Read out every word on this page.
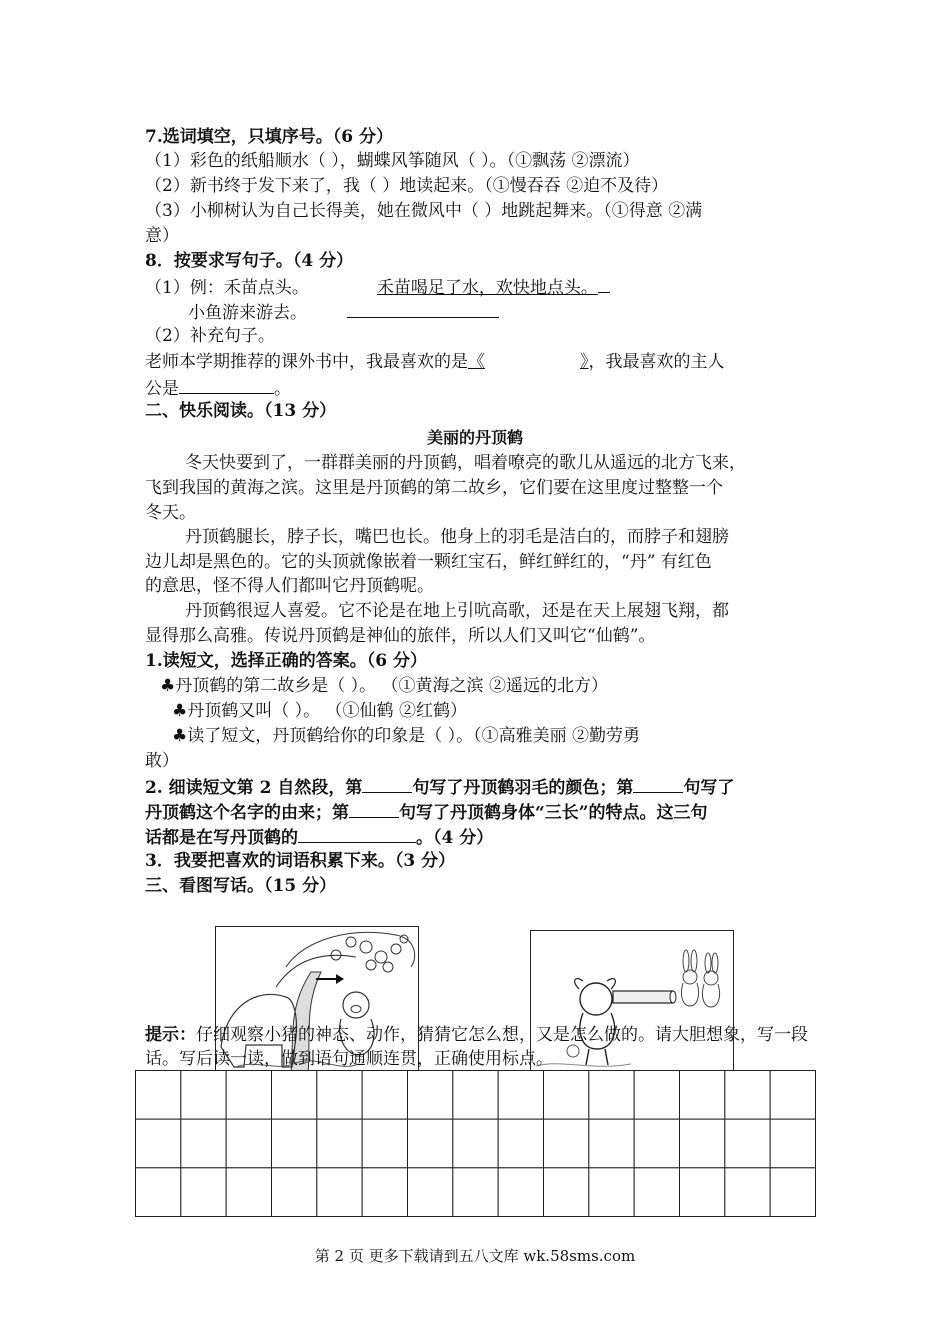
7.选词填空，只填序号。（6 分）
（1）彩色的纸船顺水（ ），蝴蝶风筝随风（ ）。（①飘荡 ②漂流）
（2）新书终于发下来了，我（ ）地读起来。（①慢吞吞 ②迫不及待）
（3）小柳树认为自己长得美，她在微风中（ ）地跳起舞来。（①得意 ②满
意）
8．按要求写句子。（4 分）
（1）例：禾苗点头。	禾苗喝足了水，欢快地点头。
小鱼游来游去。
（2）补充句子。
老师本学期推荐的课外书中，我最喜欢的是《	》，我最喜欢的主人
公是	。
二、快乐阅读。（13 分）
美丽的丹顶鹤
冬天快要到了，一群群美丽的丹顶鹤，唱着嘹亮的歌儿从遥远的北方飞来，
飞到我国的黄海之滨。这里是丹顶鹤的第二故乡，它们要在这里度过整整一个
冬天。
丹顶鹤腿长，脖子长，嘴巴也长。他身上的羽毛是洁白的，而脖子和翅膀
边儿却是黑色的。它的头顶就像嵌着一颗红宝石，鲜红鲜红的，“丹” 有红色
的意思，怪不得人们都叫它丹顶鹤呢。
丹顶鹤很逗人喜爱。它不论是在地上引吭高歌，还是在天上展翅飞翔，都
显得那么高雅。传说丹顶鹤是神仙的旅伴，所以人们又叫它“仙鹤”。
1.读短文，选择正确的答案。（6 分）
♣丹顶鹤的第二故乡是（ ）。 （①黄海之滨 ②遥远的北方）
♣丹顶鹤又叫（ ）。 （①仙鹤 ②红鹤）
♣读了短文，丹顶鹤给你的印象是（ ）。（①高雅美丽 ②勤劳勇
敢）
2. 细读短文第 2 自然段，第	句写了丹顶鹤羽毛的颜色；第	句写了
丹顶鹤这个名字的由来；第	句写了丹顶鹤身体“三长”的特点。这三句
话都是在写丹顶鹤的	。（4 分）
3．我要把喜欢的词语积累下来。（3 分）
三、看图写话。（15 分）
提示：仔细观察小猪的神态、动作，猜猜它怎么想，又是怎么做的。请大胆想象，写一段
话。写后读一读，做到语句通顺连贯，正确使用标点。
第 2 页 更多下载请到五八文库 wk.58sms.com
